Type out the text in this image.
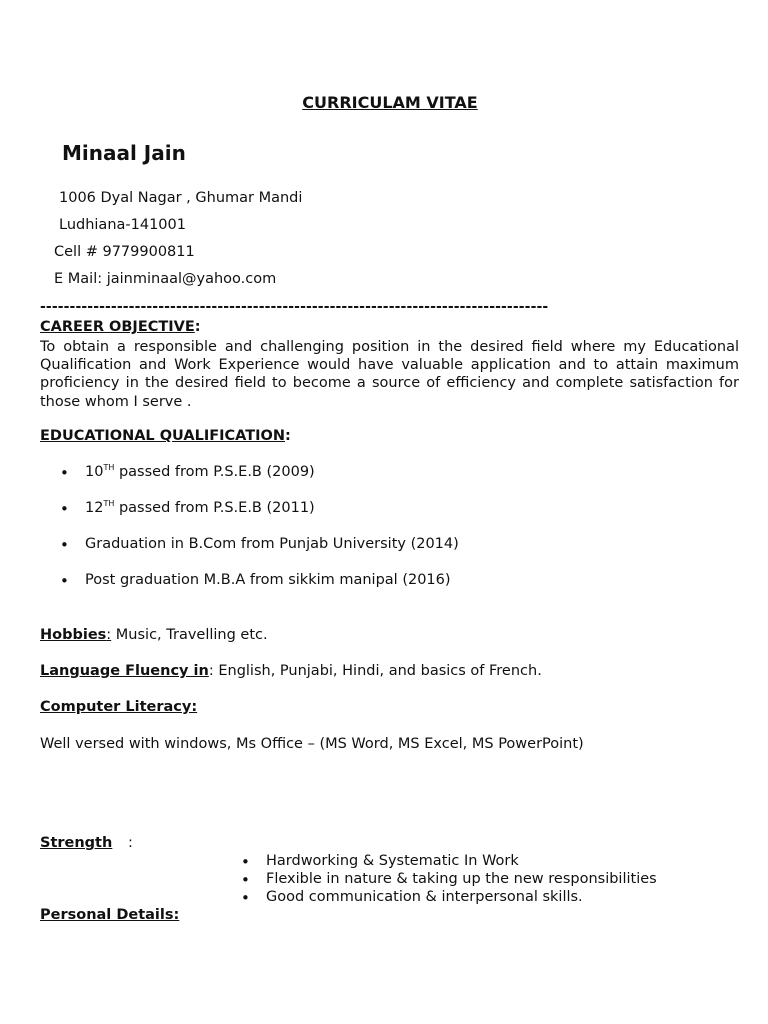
CURRICULAM VITAE
Minaal Jain
1006 Dyal Nagar , Ghumar Mandi
Ludhiana-141001
Cell # 9779900811
E Mail: jainminaal@yahoo.com
--------------------------------------------------------------------------------------
CAREER OBJECTIVE:
To obtain a responsible and challenging position in the desired field where my Educational Qualification and Work Experience would have valuable application and to attain maximum proficiency in the desired field to become a source of efficiency and complete satisfaction for those whom I serve .
EDUCATIONAL QUALIFICATION:
• 10TH passed from P.S.E.B (2009)
• 12TH passed from P.S.E.B (2011)
• Graduation in B.Com from Punjab University (2014)
• Post graduation M.B.A from sikkim manipal (2016)
Hobbies: Music, Travelling etc.
Language Fluency in: English, Punjabi, Hindi, and basics of French.
Computer Literacy:
Well versed with windows, Ms Office – (MS Word, MS Excel, MS PowerPoint)
Strength :
• Hardworking & Systematic In Work
• Flexible in nature & taking up the new responsibilities
• Good communication & interpersonal skills.
Personal Details:
